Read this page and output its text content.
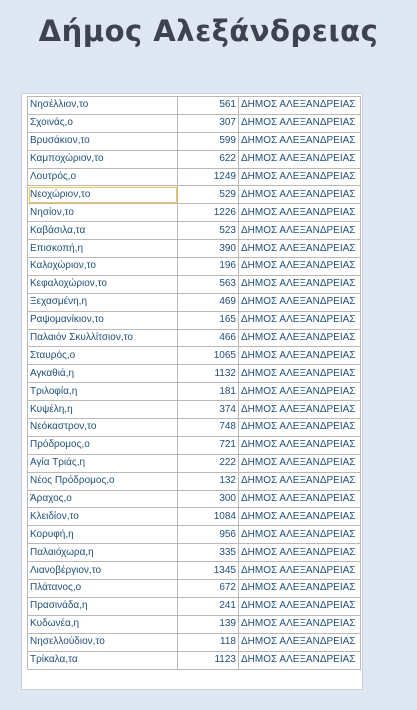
Δήμος Αλεξάνδρειας
Νησέλλιον,το	561	ΔΗΜΟΣ ΑΛΕΞΑΝΔΡΕΙΑΣ
Σχοινάς,ο	307	ΔΗΜΟΣ ΑΛΕΞΑΝΔΡΕΙΑΣ
Βρυσάκιον,το	599	ΔΗΜΟΣ ΑΛΕΞΑΝΔΡΕΙΑΣ
Καμποχώριον,το	622	ΔΗΜΟΣ ΑΛΕΞΑΝΔΡΕΙΑΣ
Λουτρός,ο	1249	ΔΗΜΟΣ ΑΛΕΞΑΝΔΡΕΙΑΣ
Νεοχώριον,το	529	ΔΗΜΟΣ ΑΛΕΞΑΝΔΡΕΙΑΣ
Νησίον,το	1226	ΔΗΜΟΣ ΑΛΕΞΑΝΔΡΕΙΑΣ
Καβάσιλα,τα	523	ΔΗΜΟΣ ΑΛΕΞΑΝΔΡΕΙΑΣ
Επισκοπή,η	390	ΔΗΜΟΣ ΑΛΕΞΑΝΔΡΕΙΑΣ
Καλοχώριον,το	196	ΔΗΜΟΣ ΑΛΕΞΑΝΔΡΕΙΑΣ
Κεφαλοχώριον,το	563	ΔΗΜΟΣ ΑΛΕΞΑΝΔΡΕΙΑΣ
Ξεχασμένη,η	469	ΔΗΜΟΣ ΑΛΕΞΑΝΔΡΕΙΑΣ
Ραψομανίκιον,το	165	ΔΗΜΟΣ ΑΛΕΞΑΝΔΡΕΙΑΣ
Παλαιόν Σκυλλίτσιον,το	466	ΔΗΜΟΣ ΑΛΕΞΑΝΔΡΕΙΑΣ
Σταυρός,ο	1065	ΔΗΜΟΣ ΑΛΕΞΑΝΔΡΕΙΑΣ
Αγκαθιά,η	1132	ΔΗΜΟΣ ΑΛΕΞΑΝΔΡΕΙΑΣ
Τριλοφία,η	181	ΔΗΜΟΣ ΑΛΕΞΑΝΔΡΕΙΑΣ
Κυψέλη,η	374	ΔΗΜΟΣ ΑΛΕΞΑΝΔΡΕΙΑΣ
Νεόκαστρον,το	748	ΔΗΜΟΣ ΑΛΕΞΑΝΔΡΕΙΑΣ
Πρόδρομος,ο	721	ΔΗΜΟΣ ΑΛΕΞΑΝΔΡΕΙΑΣ
Αγία Τριάς,η	222	ΔΗΜΟΣ ΑΛΕΞΑΝΔΡΕΙΑΣ
Νέος Πρόδρομος,ο	132	ΔΗΜΟΣ ΑΛΕΞΑΝΔΡΕΙΑΣ
Άραχος,ο	300	ΔΗΜΟΣ ΑΛΕΞΑΝΔΡΕΙΑΣ
Κλειδίον,το	1084	ΔΗΜΟΣ ΑΛΕΞΑΝΔΡΕΙΑΣ
Κορυφή,η	956	ΔΗΜΟΣ ΑΛΕΞΑΝΔΡΕΙΑΣ
Παλαιόχωρα,η	335	ΔΗΜΟΣ ΑΛΕΞΑΝΔΡΕΙΑΣ
Λιανοβέργιον,το	1345	ΔΗΜΟΣ ΑΛΕΞΑΝΔΡΕΙΑΣ
Πλάτανος,ο	672	ΔΗΜΟΣ ΑΛΕΞΑΝΔΡΕΙΑΣ
Πρασινάδα,η	241	ΔΗΜΟΣ ΑΛΕΞΑΝΔΡΕΙΑΣ
Κυδωνέα,η	139	ΔΗΜΟΣ ΑΛΕΞΑΝΔΡΕΙΑΣ
Νησελλούδιον,το	118	ΔΗΜΟΣ ΑΛΕΞΑΝΔΡΕΙΑΣ
Τρίκαλα,τα	1123	ΔΗΜΟΣ ΑΛΕΞΑΝΔΡΕΙΑΣ
